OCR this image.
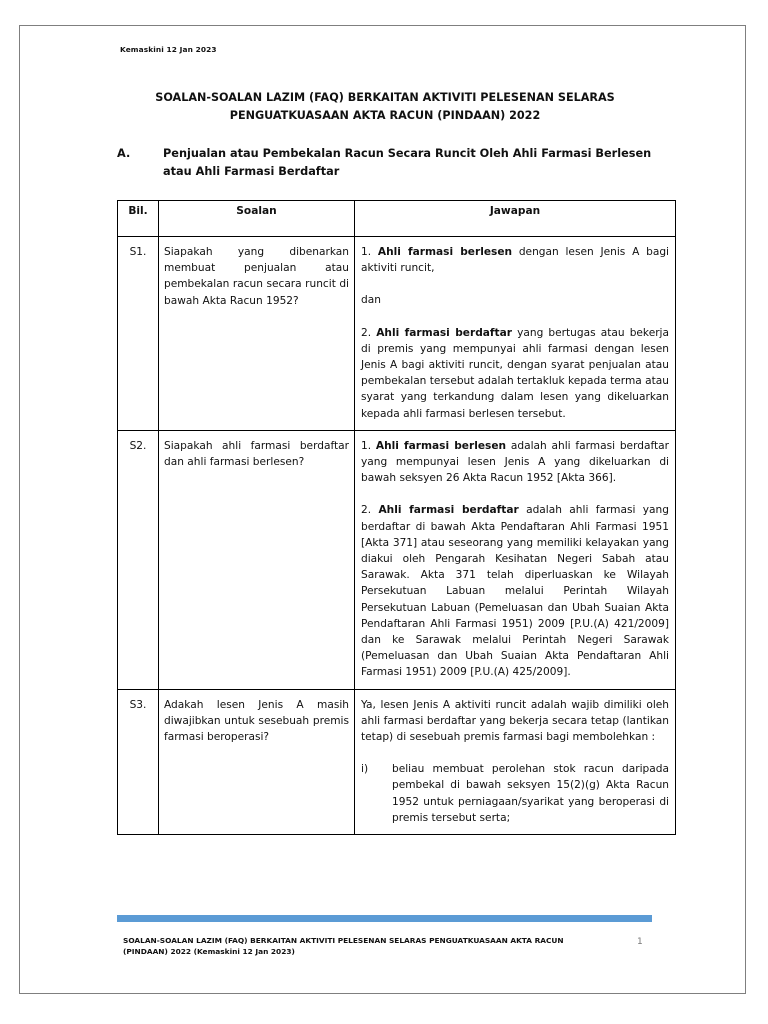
Kemaskini 12 Jan 2023
SOALAN-SOALAN LAZIM (FAQ) BERKAITAN AKTIVITI PELESENAN SELARAS
PENGUATKUASAAN AKTA RACUN (PINDAAN) 2022
A.	Penjualan atau Pembekalan Racun Secara Runcit Oleh Ahli Farmasi Berlesen atau Ahli Farmasi Berdaftar
Bil.	Soalan	Jawapan
S1.	Siapakah yang dibenarkan membuat penjualan atau pembekalan racun secara runcit di bawah Akta Racun 1952?	1. Ahli farmasi berlesen dengan lesen Jenis A bagi aktiviti runcit,
dan
2. Ahli farmasi berdaftar yang bertugas atau bekerja di premis yang mempunyai ahli farmasi dengan lesen Jenis A bagi aktiviti runcit, dengan syarat penjualan atau pembekalan tersebut adalah tertakluk kepada terma atau syarat yang terkandung dalam lesen yang dikeluarkan kepada ahli farmasi berlesen tersebut.

S2.	Siapakah ahli farmasi berdaftar dan ahli farmasi berlesen?	1. Ahli farmasi berlesen adalah ahli farmasi berdaftar yang mempunyai lesen Jenis A yang dikeluarkan di bawah seksyen 26 Akta Racun 1952 [Akta 366].
2. Ahli farmasi berdaftar adalah ahli farmasi yang berdaftar di bawah Akta Pendaftaran Ahli Farmasi 1951 [Akta 371] atau seseorang yang memiliki kelayakan yang diakui oleh Pengarah Kesihatan Negeri Sabah atau Sarawak. Akta 371 telah diperluaskan ke Wilayah Persekutuan Labuan melalui Perintah Wilayah Persekutuan Labuan (Pemeluasan dan Ubah Suaian Akta Pendaftaran Ahli Farmasi 1951) 2009 [P.U.(A) 421/2009] dan ke Sarawak melalui Perintah Negeri Sarawak (Pemeluasan dan Ubah Suaian Akta Pendaftaran Ahli Farmasi 1951) 2009 [P.U.(A) 425/2009].

S3.	Adakah lesen Jenis A masih diwajibkan untuk sesebuah premis farmasi beroperasi?	Ya, lesen Jenis A aktiviti runcit adalah wajib dimiliki oleh ahli farmasi berdaftar yang bekerja secara tetap (lantikan tetap) di sesebuah premis farmasi bagi membolehkan :
i) beliau membuat perolehan stok racun daripada pembekal di bawah seksyen 15(2)(g) Akta Racun 1952 untuk perniagaan/syarikat yang beroperasi di premis tersebut serta;
SOALAN-SOALAN LAZIM (FAQ) BERKAITAN AKTIVITI PELESENAN SELARAS PENGUATKUASAAN AKTA RACUN (PINDAAN) 2022 (Kemaskini 12 Jan 2023)
1
